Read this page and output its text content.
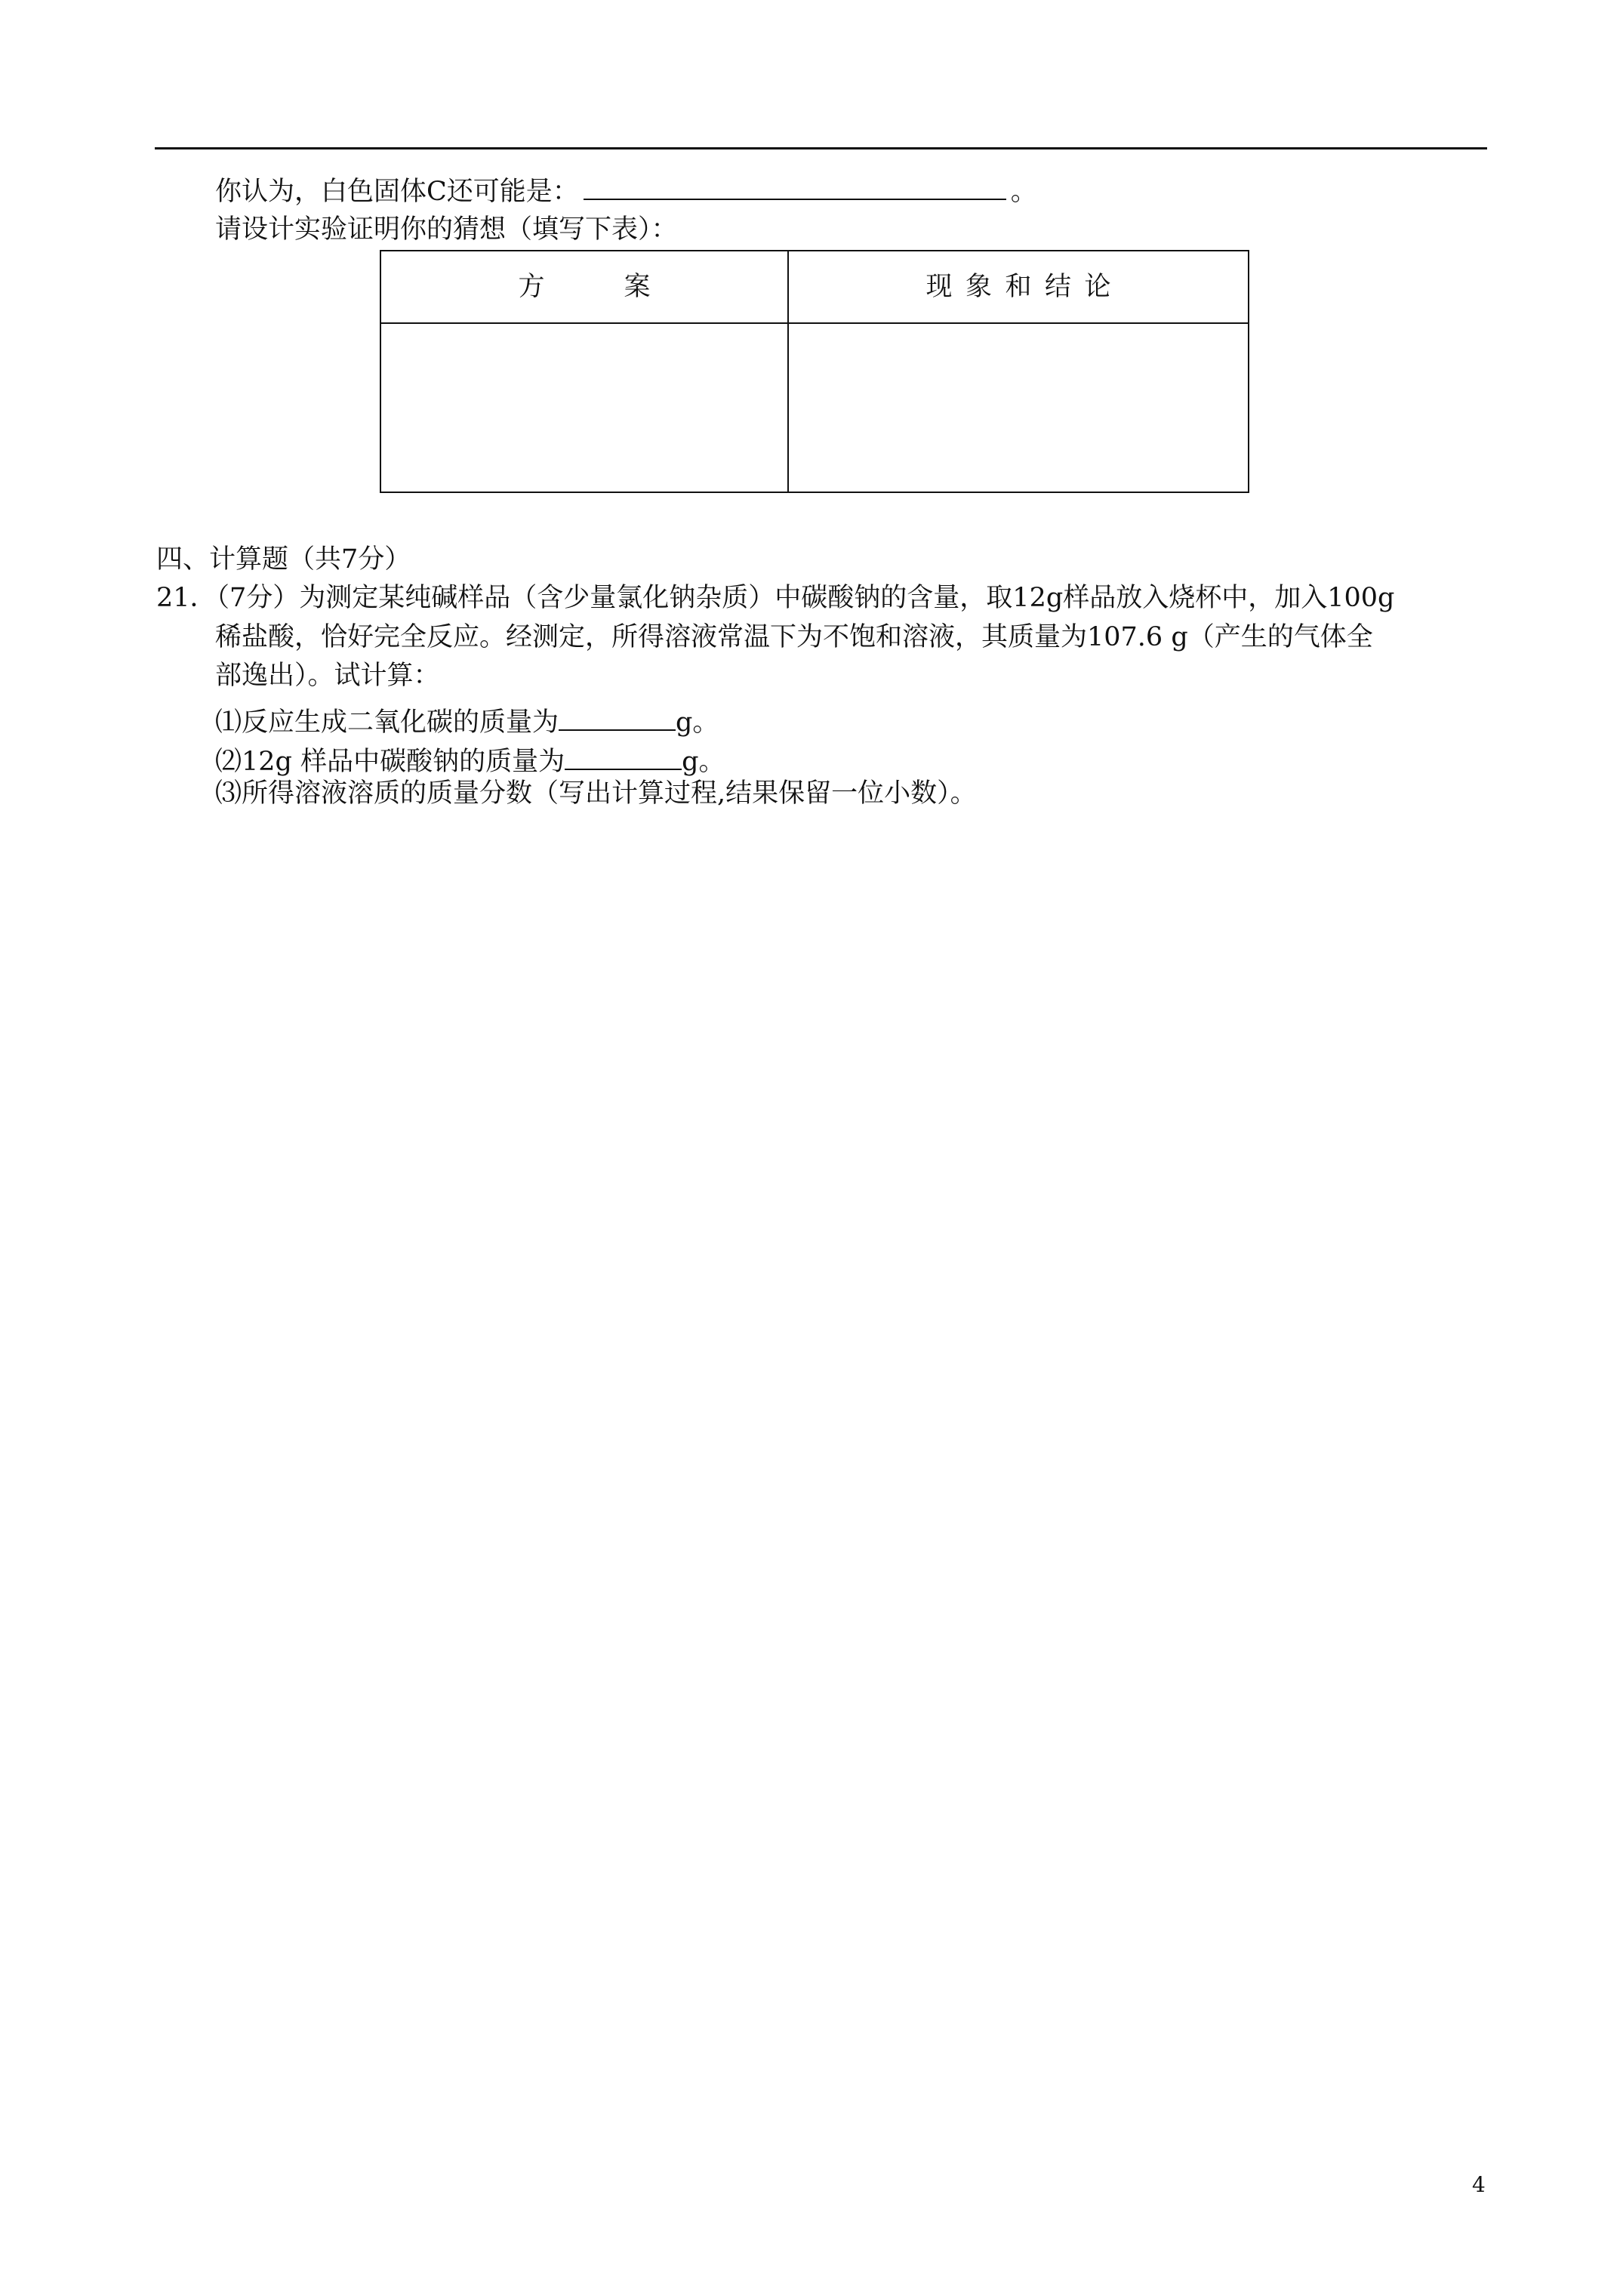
你认为，白色固体C还可能是：	。
请设计实验证明你的猜想（填写下表）：
方   案	现 象 和 结 论

四、计算题（共7分）
21．（7分）为测定某纯碱样品（含少量氯化钠杂质）中碳酸钠的含量，取12g样品放入烧杯中，加入100g
稀盐酸，恰好完全反应。经测定，所得溶液常温下为不饱和溶液，其质量为107.6 g（产生的气体全
部逸出）。试计算：
⑴反应生成二氧化碳的质量为	g。
⑵12g 样品中碳酸钠的质量为	g。
⑶所得溶液溶质的质量分数（写出计算过程,结果保留一位小数）。
4
